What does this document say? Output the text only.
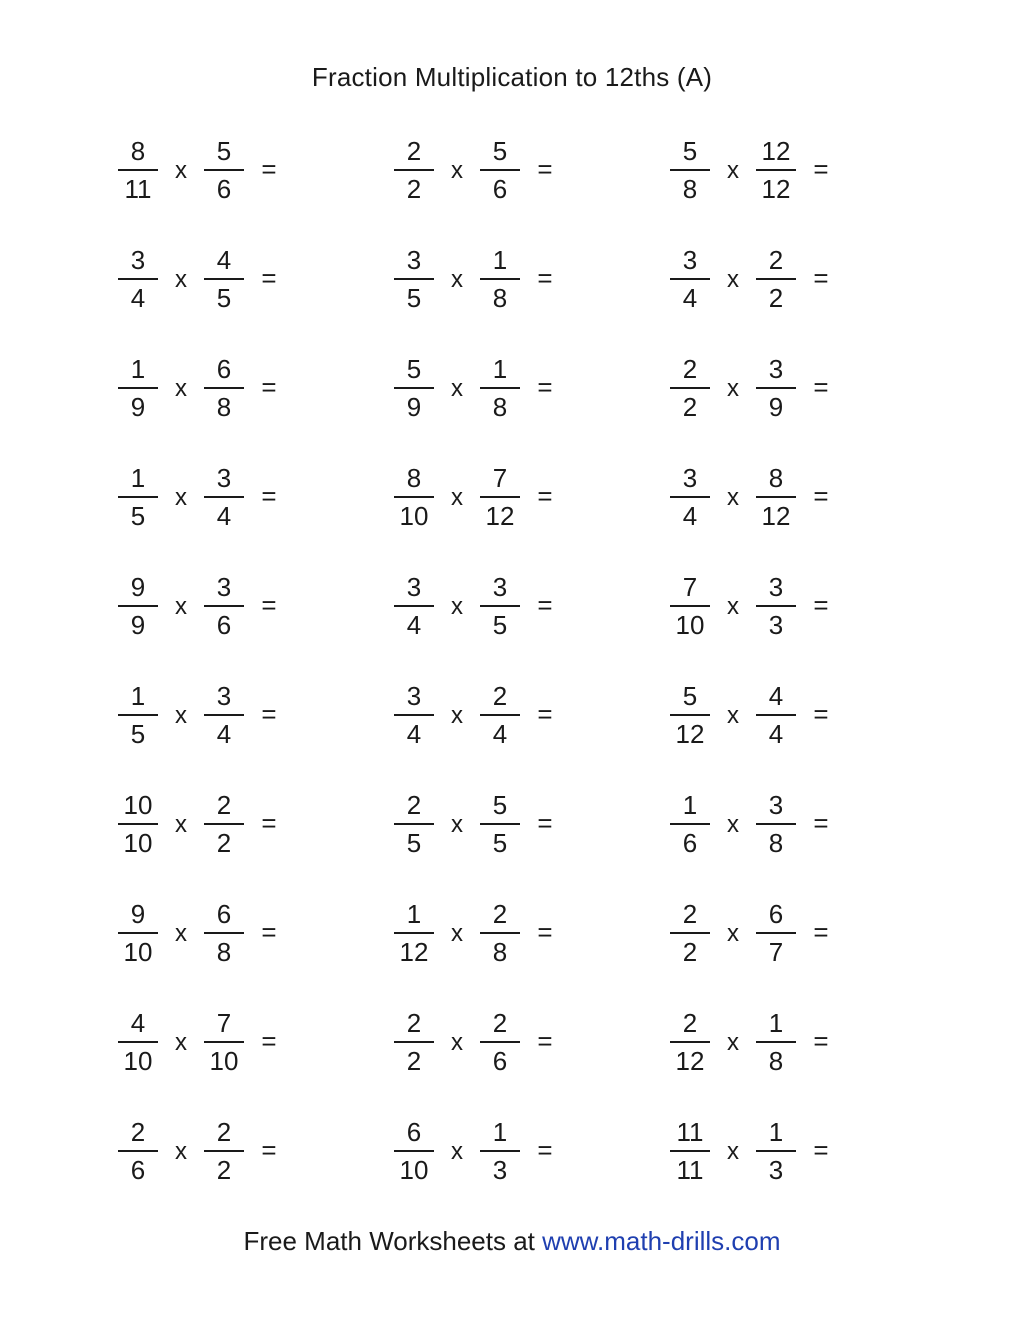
Fraction Multiplication to 12ths (A)
$\frac{8}{11}$ x $\frac{5}{6}$ =	$\frac{2}{2}$ x $\frac{5}{6}$ =	$\frac{5}{8}$ x $\frac{12}{12}$ =
$\frac{3}{4}$ x $\frac{4}{5}$ =	$\frac{3}{5}$ x $\frac{1}{8}$ =	$\frac{3}{4}$ x $\frac{2}{2}$ =
$\frac{1}{9}$ x $\frac{6}{8}$ =	$\frac{5}{9}$ x $\frac{1}{8}$ =	$\frac{2}{2}$ x $\frac{3}{9}$ =
$\frac{1}{5}$ x $\frac{3}{4}$ =	$\frac{8}{10}$ x $\frac{7}{12}$ =	$\frac{3}{4}$ x $\frac{8}{12}$ =
$\frac{9}{9}$ x $\frac{3}{6}$ =	$\frac{3}{4}$ x $\frac{3}{5}$ =	$\frac{7}{10}$ x $\frac{3}{3}$ =
$\frac{1}{5}$ x $\frac{3}{4}$ =	$\frac{3}{4}$ x $\frac{2}{4}$ =	$\frac{5}{12}$ x $\frac{4}{4}$ =
$\frac{10}{10}$ x $\frac{2}{2}$ =	$\frac{2}{5}$ x $\frac{5}{5}$ =	$\frac{1}{6}$ x $\frac{3}{8}$ =
$\frac{9}{10}$ x $\frac{6}{8}$ =	$\frac{1}{12}$ x $\frac{2}{8}$ =	$\frac{2}{2}$ x $\frac{6}{7}$ =
$\frac{4}{10}$ x $\frac{7}{10}$ =	$\frac{2}{2}$ x $\frac{2}{6}$ =	$\frac{2}{12}$ x $\frac{1}{8}$ =
$\frac{2}{6}$ x $\frac{2}{2}$ =	$\frac{6}{10}$ x $\frac{1}{3}$ =	$\frac{11}{11}$ x $\frac{1}{3}$ =
Free Math Worksheets at www.math-drills.com
